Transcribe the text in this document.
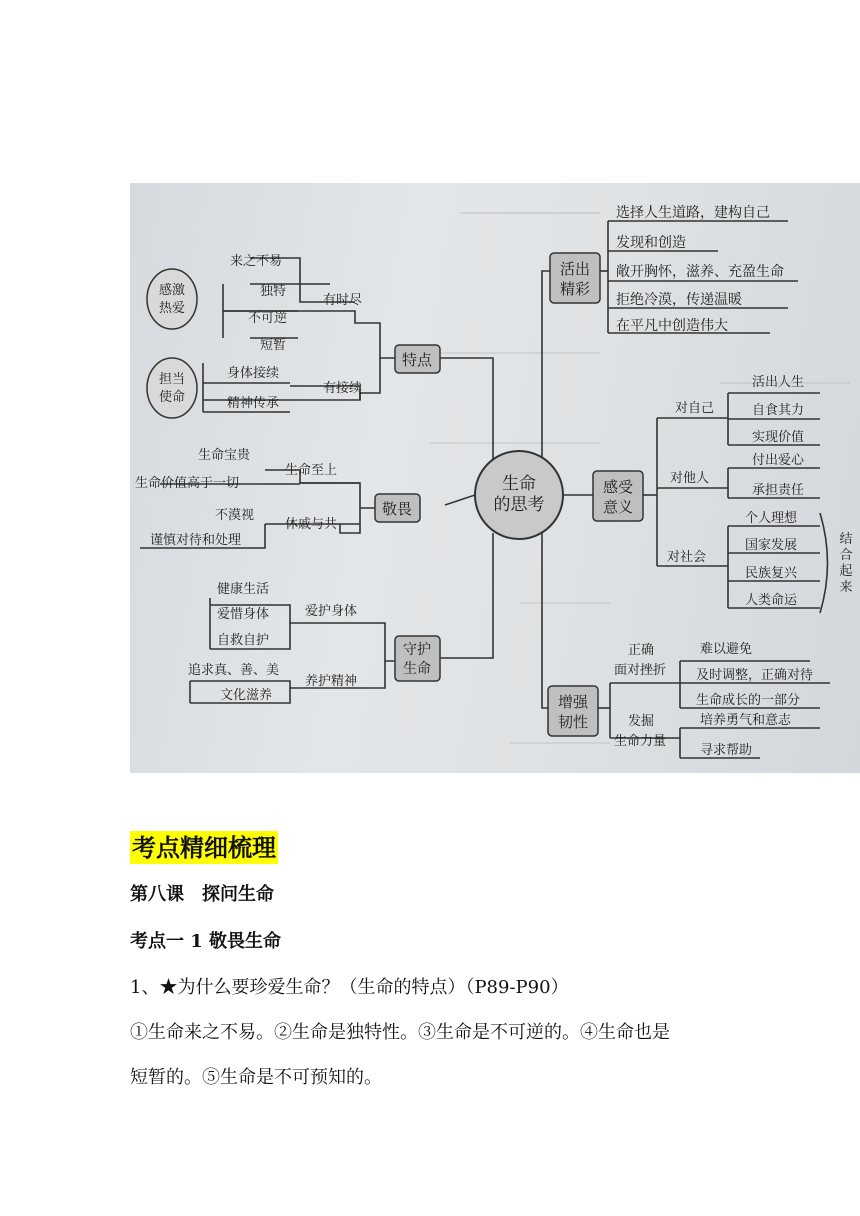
生命
的思考
特点
有时尽
来之不易
独特
不可逆
短暂
感激
热爱
有接续
身体接续
精神传承
担当
使命
敬畏
生命至上
生命宝贵
生命价值高于一切
休戚与共
不漠视
谨慎对待和处理
守护
生命
爱护身体
健康生活
爱惜身体
自救自护
养护精神
追求真、善、美
文化滋养
活出
精彩
选择人生道路，建构自己
发现和创造
敞开胸怀，滋养、充盈生命
拒绝冷漠，传递温暖
在平凡中创造伟大
感受
意义
对自己
活出人生
自食其力
实现价值
对他人
付出爱心
承担责任
对社会
个人理想
国家发展
民族复兴
人类命运
结
合
起
来
增强
韧性
正确
面对挫折
难以避免
及时调整，正确对待
生命成长的一部分
发掘
生命力量
培养勇气和意志
寻求帮助
考点精细梳理
第八课　探问生命
考点一 1 敬畏生命
1、★为什么要珍爱生命？（生命的特点）（P89-P90）
①生命来之不易。②生命是独特性。③生命是不可逆的。④生命也是
短暂的。⑤生命是不可预知的。
